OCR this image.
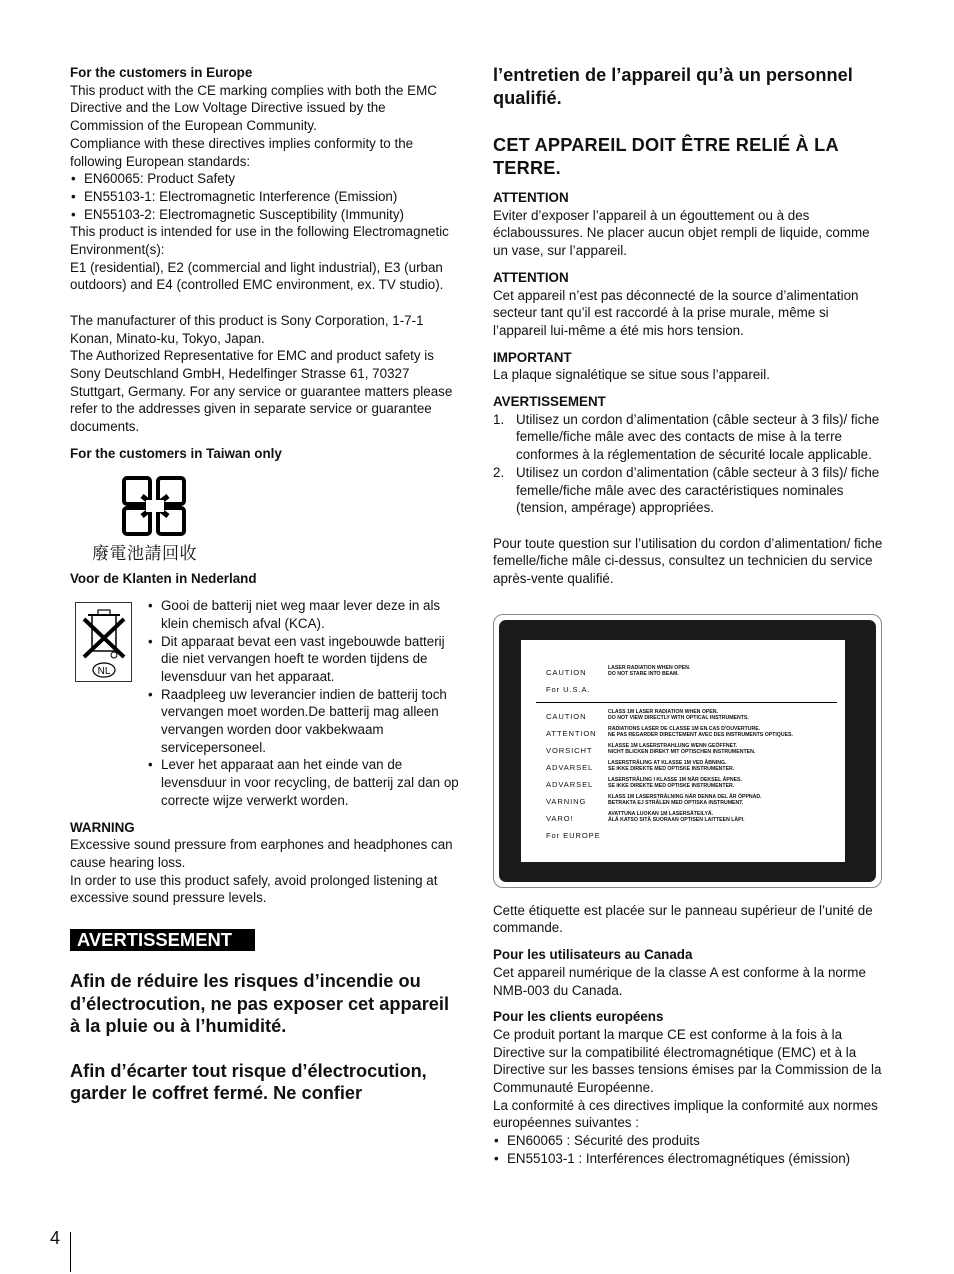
For the customers in Europe

This product with the CE marking complies with both the EMC Directive and the Low Voltage Directive issued by the Commission of the European Community.

Compliance with these directives implies conformity to the following European standards:

• EN60065: Product Safety
• EN55103-1: Electromagnetic Interference (Emission)
• EN55103-2: Electromagnetic Susceptibility (Immunity)

This product is intended for use in the following Electromagnetic Environment(s):

E1 (residential), E2 (commercial and light industrial), E3 (urban outdoors) and E4 (controlled EMC environment, ex. TV studio).

The manufacturer of this product is Sony Corporation, 1-7-1 Konan, Minato-ku, Tokyo, Japan.

The Authorized Representative for EMC and product safety is Sony Deutschland GmbH, Hedelfinger Strasse 61, 70327 Stuttgart, Germany. For any service or guarantee matters please refer to the addresses given in separate service or guarantee documents.

For the customers in Taiwan only
廢電池請回收
Voor de Klanten in Nederland
NL
• Gooi de batterij niet weg maar lever deze in als klein chemisch afval (KCA).
• Dit apparaat bevat een vast ingebouwde batterij die niet vervangen hoeft te worden tijdens de levensduur van het apparaat.
• Raadpleeg uw leverancier indien de batterij toch vervangen moet worden.De batterij mag alleen vervangen worden door vakbekwaam servicepersoneel.
• Lever het apparaat aan het einde van de levensduur in voor recycling, de batterij zal dan op correcte wijze verwerkt worden.
WARNING

Excessive sound pressure from earphones and headphones can cause hearing loss.

In order to use this product safely, avoid prolonged listening at excessive sound pressure levels.

AVERTISSEMENT

Afin de réduire les risques d’incendie ou d’électrocution, ne pas exposer cet appareil à la pluie ou à l’humidité.

Afin d’écarter tout risque d’électrocution, garder le coffret fermé. Ne confier

l’entretien de l’appareil qu’à un personnel qualifié.

CET APPAREIL DOIT ÊTRE RELIÉ À LA TERRE.

ATTENTION

Eviter d’exposer l’appareil à un égouttement ou à des éclaboussures. Ne placer aucun objet rempli de liquide, comme un vase, sur l’appareil.

ATTENTION

Cet appareil n’est pas déconnecté de la source d’alimentation secteur tant qu’il est raccordé à la prise murale, même si l’appareil lui-même a été mis hors tension.

IMPORTANT

La plaque signalétique se situe sous l’appareil.

AVERTISSEMENT
1. Utilisez un cordon d’alimentation (câble secteur à 3 fils)/ fiche femelle/fiche mâle avec des contacts de mise à la terre conformes à la réglementation de sécurité locale applicable.
2. Utilisez un cordon d’alimentation (câble secteur à 3 fils)/ fiche femelle/fiche mâle avec des caractéristiques nominales (tension, ampérage) appropriées.

Pour toute question sur l’utilisation du cordon d’alimentation/ fiche femelle/fiche mâle ci-dessus, consultez un technicien du service après-vente qualifié.

CAUTION	LASER RADIATION WHEN OPEN.
DO NOT STARE INTO BEAM.
For U.S.A.
CAUTION	CLASS 1M LASER RADIATION WHEN OPEN.
DO NOT VIEW DIRECTLY WITH OPTICAL INSTRUMENTS.
ATTENTION RADIATIONS LASER DE CLASSE 1M EN CAS D'OUVERTURE.
NE PAS REGARDER DIRECTEMENT AVEC DES INSTRUMENTS OPTIQUES.
VORSICHT	KLASSE 1M LASERSTRAHLUNG WENN GEÖFFNET.
NICHT BLICKEN DIREKT MIT OPTISCHEN INSTRUMENTEN.
ADVARSEL	LASERSTRÅLING AT KLASSE 1M VED ÅBNING.
SE IKKE DIREKTE MED OPTISKE INSTRUMENTER.
ADVARSEL	LASERSTRÅLING I KLASSE 1M NÅR DEKSEL ÅPNES.
SE IKKE DIREKTE MED OPTISKE INSTRUMENTER.
VARNING	KLASS 1M LASERSTRÅLNING NÄR DENNA DEL ÄR ÖPPNAD.
BETRAKTA EJ STRÅLEN MED OPTISKA INSTRUMENT.
VARO!	AVATTUNA LUOKAN 1M LASERSÄTEILYÄ.
ÄLÄ KATSO SITÄ SUORAAN OPTISEN LAITTEEN LÄPI.
For EUROPE

Cette étiquette est placée sur le panneau supérieur de l’unité de commande.

Pour les utilisateurs au Canada

Cet appareil numérique de la classe A est conforme à la norme NMB-003 du Canada.

Pour les clients européens

Ce produit portant la marque CE est conforme à la fois à la Directive sur la compatibilité électromagnétique (EMC) et à la Directive sur les basses tensions émises par la Commission de la Communauté Européenne.

La conformité à ces directives implique la conformité aux normes européennes suivantes :

• EN60065 : Sécurité des produits
• EN55103-1 : Interférences électromagnétiques (émission)
4
